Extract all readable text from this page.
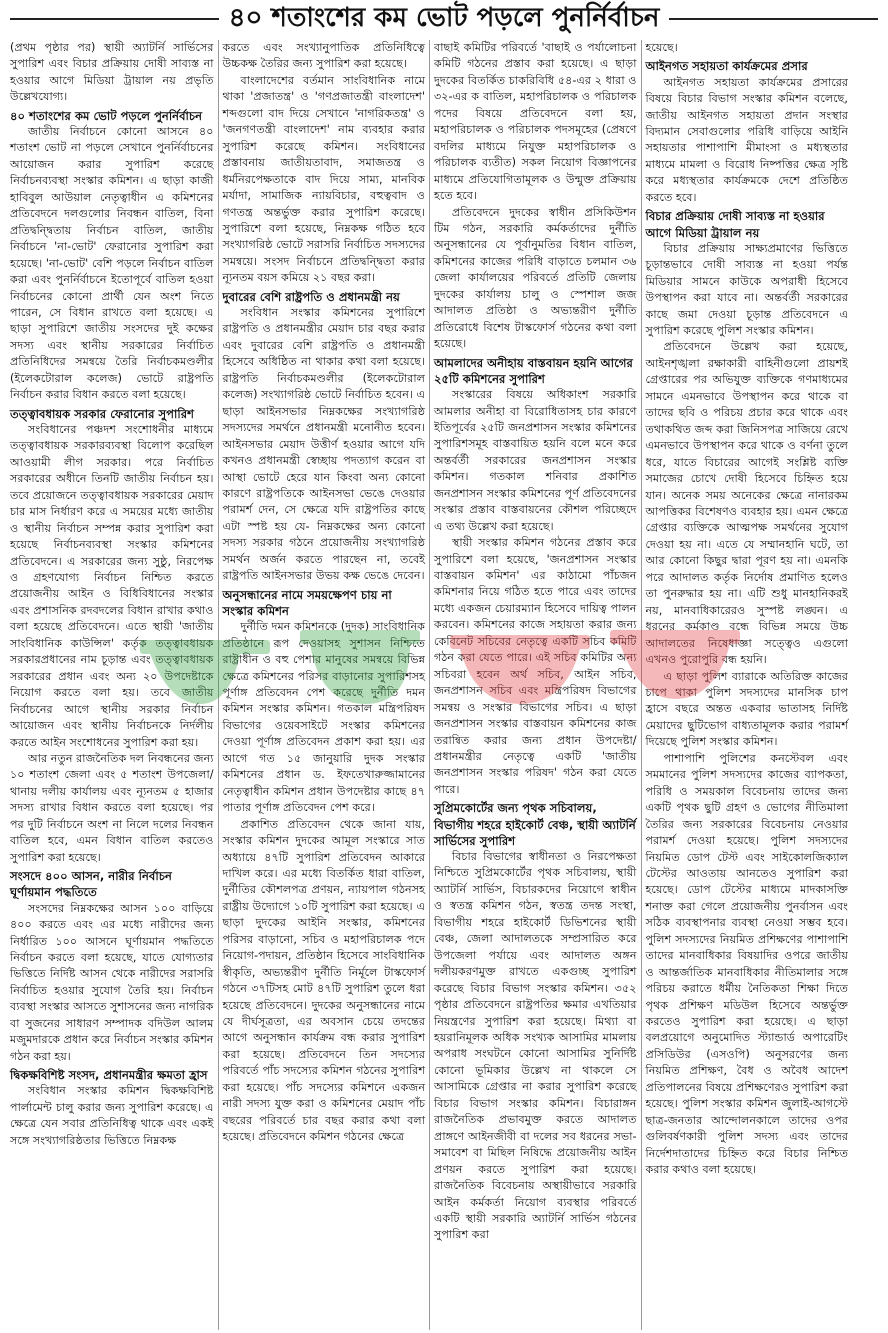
৪০ শতাংশের কম ভোট পড়লে পুনর্নির্বাচন

(প্রথম পৃষ্ঠার পর) স্থায়ী অ্যাটর্নি সার্ভিসের সুপারিশ এবং বিচার প্রক্রিয়ায় দোষী সাব্যস্ত না হওয়ার আগে মিডিয়া ট্রায়াল নয় প্রভৃতি উল্লেখযোগ্য।

৪০ শতাংশের কম ভোট পড়লে পুনর্নির্বাচন

জাতীয় নির্বাচনে কোনো আসনে ৪০ শতাংশ ভোট না পড়লে সেখানে পুনর্নির্বাচনের আয়োজন করার সুপারিশ করেছে নির্বাচনব্যবস্থা সংস্কার কমিশন। এ ছাড়া কাজী হাবিবুল আউয়াল নেতৃত্বাধীন এ কমিশনের প্রতিবেদনে দলগুলোর নিবন্ধন বাতিল, বিনা প্রতিদ্বন্দ্বিতায় নির্বাচন বাতিল, জাতীয় নির্বাচনে 'না-ভোট' ফেরানোর সুপারিশ করা হয়েছে। 'না-ভোট' বেশি পড়লে নির্বাচন বাতিল করা এবং পুনর্নির্বাচনে ইতোপূর্বে বাতিল হওয়া নির্বাচনের কোনো প্রার্থী যেন অংশ নিতে পারেন, সে বিধান রাখতে বলা হয়েছে। এ ছাড়া সুপারিশে জাতীয় সংসদের দুই কক্ষের সদস্য এবং স্থানীয় সরকারের নির্বাচিত প্রতিনিধিদের সমন্বয়ে তৈরি নির্বাচকমণ্ডলীর (ইলেকটোরাল কলেজ) ভোটে রাষ্ট্রপতি নির্বাচন করার বিধান করতে বলা হয়েছে।

তত্ত্বাবধায়ক সরকার ফেরানোর সুপারিশ

সংবিধানের পঞ্চদশ সংশোধনীর মাধ্যমে তত্ত্বাবধায়ক সরকারব্যবস্থা বিলোপ করেছিল আওয়ামী লীগ সরকার। পরে নির্বাচিত সরকারের অধীনে তিনটি জাতীয় নির্বাচন হয়। তবে প্রয়োজনে তত্ত্বাবধায়ক সরকারের মেয়াদ চার মাস নির্ধারণ করে এ সময়ের মধ্যে জাতীয় ও স্থানীয় নির্বাচন সম্পন্ন করার সুপারিশ করা হয়েছে নির্বাচনব্যবস্থা সংস্কার কমিশনের প্রতিবেদনে। এ সরকারের জন্য সুষ্ঠু, নিরপেক্ষ ও গ্রহণযোগ্য নির্বাচন নিশ্চিত করতে প্রয়োজনীয় আইন ও বিধিবিধানের সংস্কার এবং প্রশাসনিক রদবদলের বিধান রাখার কথাও বলা হয়েছে প্রতিবেদনে। এতে স্থায়ী 'জাতীয় সাংবিধানিক কাউন্সিল' কর্তৃক তত্ত্বাবধায়ক সরকারপ্রধানের নাম চূড়ান্ত এবং তত্ত্বাবধায়ক সরকারের প্রধান এবং অন্য ২০ উপদেষ্টাকে নিয়োগ করতে বলা হয়। তবে জাতীয় নির্বাচনের আগে স্থানীয় সরকার নির্বাচন আয়োজন এবং স্থানীয় নির্বাচনকে নির্দলীয় করতে আইন সংশোধনের সুপারিশ করা হয়।

আর নতুন রাজনৈতিক দল নিবন্ধনের জন্য ১০ শতাংশ জেলা এবং ৫ শতাংশ উপজেলা/থানায় দলীয় কার্যালয় এবং ন্যূনতম ৫ হাজার সদস্য রাখার বিধান করতে বলা হয়েছে। পর পর দুটি নির্বাচনে অংশ না নিলে দলের নিবন্ধন বাতিল হবে, এমন বিধান বাতিল করতেও সুপারিশ করা হয়েছে।

সংসদে ৪০০ আসন, নারীর নির্বাচন ঘূর্ণায়মান পদ্ধতিতে

সংসদের নিম্নকক্ষের আসন ১০০ বাড়িয়ে ৪০০ করতে এবং এর মধ্যে নারীদের জন্য নির্ধারিত ১০০ আসনে ঘূর্ণায়মান পদ্ধতিতে নির্বাচন করতে বলা হয়েছে, যাতে যোগ্যতার ভিত্তিতে নির্দিষ্ট আসন থেকে নারীদের সরাসরি নির্বাচিত হওয়ার সুযোগ তৈরি হয়। নির্বাচন ব্যবস্থা সংস্কার আসতে সুশাসনের জন্য নাগরিক বা সুজনের সাধারণ সম্পাদক বদিউল আলম মজুমদারকে প্রধান করে নির্বাচন সংস্কার কমিশন গঠন করা হয়।

দ্বিকক্ষবিশিষ্ট সংসদ, প্রধানমন্ত্রীর ক্ষমতা হ্রাস

সংবিধান সংস্কার কমিশন দ্বিকক্ষবিশিষ্ট পার্লামেন্ট চালু করার জন্য সুপারিশ করেছে। এ ক্ষেত্রে যেন সবার প্রতিনিধিত্ব থাকে এবং একই সঙ্গে সংখ্যাগরিষ্ঠতার ভিত্তিতে নিম্নকক্ষ

করতে এবং সংখ্যানুপাতিক প্রতিনিধিত্বে উচ্চকক্ষ তৈরির জন্য সুপারিশ করা হয়েছে।

বাংলাদেশের বর্তমান সাংবিধানিক নামে থাকা 'প্রজাতন্ত্র' ও 'গণপ্রজাতন্ত্রী বাংলাদেশ' শব্দগুলো বাদ দিয়ে সেখানে 'নাগরিকতন্ত্র' ও 'জনগণতন্ত্রী বাংলাদেশ' নাম ব্যবহার করার সুপারিশ করেছে কমিশন। সংবিধানের প্রস্তাবনায় জাতীয়তাবাদ, সমাজতন্ত্র ও ধর্মনিরপেক্ষতাকে বাদ দিয়ে সাম্য, মানবিক মর্যাদা, সামাজিক ন্যায়বিচার, বহুত্ববাদ ও গণতন্ত্র অন্তর্ভুক্ত করার সুপারিশ করেছে। সুপারিশে বলা হয়েছে, নিম্নকক্ষ গঠিত হবে সংখ্যাগরিষ্ঠ ভোটে সরাসরি নির্বাচিত সদস্যদের সমন্বয়ে। সংসদ নির্বাচনে প্রতিদ্বন্দ্বিতা করার ন্যূনতম বয়স কমিয়ে ২১ বছর করা।

দুবারের বেশি রাষ্ট্রপতি ও প্রধানমন্ত্রী নয়

সংবিধান সংস্কার কমিশনের সুপারিশে রাষ্ট্রপতি ও প্রধানমন্ত্রীর মেয়াদ চার বছর করার এবং দুবারের বেশি রাষ্ট্রপতি ও প্রধানমন্ত্রী হিসেবে অধিষ্ঠিত না থাকার কথা বলা হয়েছে। রাষ্ট্রপতি নির্বাচকমণ্ডলীর (ইলেকটোরাল কলেজ) সংখ্যাগরিষ্ঠ ভোটে নির্বাচিত হবেন। এ ছাড়া আইনসভার নিম্নকক্ষের সংখ্যাগরিষ্ঠ সদস্যদের সমর্থনে প্রধানমন্ত্রী মনোনীত হবেন। আইনসভার মেয়াদ উত্তীর্ণ হওয়ার আগে যদি কখনও প্রধানমন্ত্রী স্বেচ্ছায় পদত্যাগ করেন বা আস্থা ভোটে হেরে যান কিংবা অন্য কোনো কারণে রাষ্ট্রপতিকে আইনসভা ভেঙে দেওয়ার পরামর্শ দেন, সে ক্ষেত্রে যদি রাষ্ট্রপতির কাছে এটা স্পষ্ট হয় যে- নিম্নকক্ষের অন্য কোনো সদস্য সরকার গঠনে প্রয়োজনীয় সংখ্যাগরিষ্ঠ সমর্থন অর্জন করতে পারছেন না, তবেই রাষ্ট্রপতি আইনসভার উভয় কক্ষ ভেঙে দেবেন।

অনুসন্ধানের নামে সময়ক্ষেপণ চায় না সংস্কার কমিশন

দুর্নীতি দমন কমিশনকে (দুদক) সাংবিধানিক প্রতিষ্ঠানে রূপ দেওয়াসহ সুশাসন নিশ্চিতে রাষ্ট্রাধীন ও বহু পেশার মানুষের সমন্বয়ে বিভিন্ন ক্ষেত্রে কমিশনের পরিসর বাড়ানোর সুপারিশসহ পূর্ণাঙ্গ প্রতিবেদন পেশ করেছে দুর্নীতি দমন কমিশন সংস্কার কমিশন। গতকাল মন্ত্রিপরিষদ বিভাগের ওয়েবসাইটে সংস্কার কমিশনের দেওয়া পূর্ণাঙ্গ প্রতিবেদন প্রকাশ করা হয়। এর আগে গত ১৫ জানুয়ারি দুদক সংস্কার কমিশনের প্রধান ড. ইফতেখারুজ্জামানের নেতৃত্বাধীন কমিশন প্রধান উপদেষ্টার কাছে ৪৭ পাতার পূর্ণাঙ্গ প্রতিবেদন পেশ করে।

প্রকাশিত প্রতিবেদন থেকে জানা যায়, সংস্কার কমিশন দুদকের আমূল সংস্কারে সাত অধ্যায়ে ৪৭টি সুপারিশ প্রতিবেদন আকারে দাখিল করে। এর মধ্যে বিতর্কিত ধারা বাতিল, দুর্নীতির কৌশলপত্র প্রণয়ন, ন্যায়পাল গঠনসহ রাষ্ট্রীয় উদ্যোগে ১০টি সুপারিশ করা হয়েছে। এ ছাড়া দুদকের আইনি সংস্কার, কমিশনের পরিসর বাড়ানো, সচিব ও মহাপরিচালক পদে নিয়োগ-পদায়ন, প্রতিষ্ঠান হিসেবে সাংবিধানিক স্বীকৃতি, অভ্যন্তরীণ দুর্নীতি নির্মূলে টাস্কফোর্স গঠনে ৩৭টিসহ মোট ৪৭টি সুপারিশ তুলে ধরা হয়েছে প্রতিবেদনে। দুদকের অনুসন্ধানের নামে যে দীর্ঘসূত্রতা, এর অবসান চেয়ে তদন্তের আগে অনুসন্ধান কার্যক্রম বন্ধ করার সুপারিশ করা হয়েছে। প্রতিবেদনে তিন সদস্যের পরিবর্তে পাঁচ সদস্যের কমিশন গঠনের সুপারিশ করা হয়েছে। পাঁচ সদস্যের কমিশনে একজন নারী সদস্য যুক্ত করা ও কমিশনের মেয়াদ পাঁচ বছরের পরিবর্তে চার বছর করার কথা বলা হয়েছে। প্রতিবেদনে কমিশন গঠনের ক্ষেত্রে

বাছাই কমিটির পরিবর্তে 'বাছাই ও পর্যালোচনা কমিটি গঠনের প্রস্তাব করা হয়েছে। এ ছাড়া দুদকের বিতর্কিত চাকরিবিধি ৫৪-এর ২ ধারা ও ৩২-এর ক বাতিল, মহাপরিচালক ও পরিচালক পদের বিষয়ে প্রতিবেদনে বলা হয়, মহাপরিচালক ও পরিচালক পদসমূহের (প্রেষণে বদলির মাধ্যমে নিযুক্ত মহাপরিচালক ও পরিচালক ব্যতীত) সকল নিয়োগ বিজ্ঞাপনের মাধ্যমে প্রতিযোগিতামূলক ও উন্মুক্ত প্রক্রিয়ায় হতে হবে।

প্রতিবেদনে দুদকের স্বাধীন প্রসিকিউশন টিম গঠন, সরকারি কর্মকর্তাদের দুর্নীতি অনুসন্ধানের যে পূর্বানুমতির বিধান বাতিল, কমিশনের কাজের পরিধি বাড়াতে চলমান ৩৬ জেলা কার্যালয়ের পরিবর্তে প্রতিটি জেলায় দুদকের কার্যালয় চালু ও স্পেশাল জজ আদালত প্রতিষ্ঠা ও অভ্যন্তরীণ দুর্নীতি প্রতিরোধে বিশেষ টাস্কফোর্স গঠনের কথা বলা হয়েছে।

আমলাদের অনীহায় বাস্তবায়ন হয়নি আগের ২৫টি কমিশনের সুপারিশ

সংস্কারের বিষয়ে অধিকাংশ সরকারি আমলার অনীহা বা বিরোধিতাসহ চার কারণে ইতিপূর্বের ২৫টি জনপ্রশাসন সংস্কার কমিশনের সুপারিশসমূহ বাস্তবায়িত হয়নি বলে মনে করে অন্তর্বর্তী সরকারের জনপ্রশাসন সংস্কার কমিশন। গতকাল শনিবার প্রকাশিত জনপ্রশাসন সংস্কার কমিশনের পূর্ণ প্রতিবেদনের সংস্কার প্রস্তাব বাস্তবায়নের কৌশল পরিচ্ছেদে এ তথ্য উল্লেখ করা হয়েছে।

স্থায়ী সংস্কার কমিশন গঠনের প্রস্তাব করে সুপারিশে বলা হয়েছে, 'জনপ্রশাসন সংস্কার বাস্তবায়ন কমিশন' এর কাঠামো পাঁচজন কমিশনার নিয়ে গঠিত হতে পারে এবং তাদের মধ্যে একজন চেয়ারম্যান হিসেবে দায়িত্ব পালন করবেন। কমিশনের কাজে সহায়তা করার জন্য কেবিনেট সচিবের নেতৃত্বে একটি সচিব কমিটি গঠন করা যেতে পারে। এই সচিব কমিটির অন্য সচিবরা হবেন অর্থ সচিব, আইন সচিব, জনপ্রশাসন সচিব এবং মন্ত্রিপরিষদ বিভাগের সমন্বয় ও সংস্কার বিভাগের সচিব। এ ছাড়া জনপ্রশাসন সংস্কার বাস্তবায়ন কমিশনের কাজ তরান্বিত করার জন্য প্রধান উপদেষ্টা/প্রধানমন্ত্রীর নেতৃত্বে একটি 'জাতীয় জনপ্রশাসন সংস্কার পরিষদ' গঠন করা যেতে পারে।

সুপ্রিমকোর্টের জন্য পৃথক সচিবালয়, বিভাগীয় শহরে হাইকোর্ট বেঞ্চ, স্থায়ী অ্যাটর্নি সার্ভিসের সুপারিশ

বিচার বিভাগের স্বাধীনতা ও নিরপেক্ষতা নিশ্চিতে সুপ্রিমকোর্টের পৃথক সচিবালয়, স্থায়ী অ্যাটর্নি সার্ভিস, বিচারকদের নিয়োগে স্বাধীন ও স্বতন্ত্র কমিশন গঠন, স্বতন্ত্র তদন্ত সংস্থা, বিভাগীয় শহরে হাইকোর্ট ডিভিশনের স্থায়ী বেঞ্চ, জেলা আদালতকে সম্প্রসারিত করে উপজেলা পর্যায়ে এবং আদালত অঙ্গন দলীয়করণমুক্ত রাখতে একগুচ্ছ সুপারিশ করেছে বিচার বিভাগ সংস্কার কমিশন। ৩৫২ পৃষ্ঠার প্রতিবেদনে রাষ্ট্রপতির ক্ষমার এখতিয়ার নিয়ন্ত্রণের সুপারিশ করা হয়েছে। মিথ্যা বা হয়রানিমূলক অধিক সংখ্যক আসামির মামলায় অপরাধ সংঘটনে কোনো আসামির সুনির্দিষ্ট কোনো ভূমিকার উল্লেখ না থাকলে সে আসামিকে গ্রেপ্তার না করার সুপারিশ করেছে বিচার বিভাগ সংস্কার কমিশন। বিচারাঙ্গন রাজনৈতিক প্রভাবমুক্ত করতে আদালত প্রাঙ্গণে আইনজীবী বা দলের সব ধরনের সভা-সমাবেশ বা মিছিল নিষিদ্ধে প্রয়োজনীয় আইন প্রণয়ন করতে সুপারিশ করা হয়েছে। রাজনৈতিক বিবেচনায় অস্থায়ীভাবে সরকারি আইন কর্মকর্তা নিয়োগ ব্যবস্থার পরিবর্তে একটি স্থায়ী সরকারি অ্যাটর্নি সার্ভিস গঠনের সুপারিশ করা

হয়েছে।

আইনগত সহায়তা কার্যক্রমের প্রসার

আইনগত সহায়তা কার্যক্রমের প্রসারের বিষয়ে বিচার বিভাগ সংস্কার কমিশন বলেছে, জাতীয় আইনগত সহায়তা প্রদান সংস্থার বিদ্যমান সেবাগুলোর পরিধি বাড়িয়ে আইনি সহায়তার পাশাপাশি মীমাংসা ও মধ্যস্থতার মাধ্যমে মামলা ও বিরোধ নিষ্পত্তির ক্ষেত্র সৃষ্টি করে মধ্যস্থতার কার্যক্রমকে দেশে প্রতিষ্ঠিত করতে হবে।

বিচার প্রক্রিয়ায় দোষী সাব্যস্ত না হওয়ার আগে মিডিয়া ট্রায়াল নয়

বিচার প্রক্রিয়ায় সাক্ষ্যপ্রমাণের ভিত্তিতে চূড়ান্তভাবে দোষী সাব্যস্ত না হওয়া পর্যন্ত মিডিয়ার সামনে কাউকে অপরাধী হিসেবে উপস্থাপন করা যাবে না। অন্তর্বর্তী সরকারের কাছে জমা দেওয়া চূড়ান্ত প্রতিবেদনে এ সুপারিশ করেছে পুলিশ সংস্কার কমিশন।

প্রতিবেদনে উল্লেখ করা হয়েছে, আইনশৃঙ্খলা রক্ষাকারী বাহিনীগুলো প্রায়শই গ্রেপ্তারের পর অভিযুক্ত ব্যক্তিকে গণমাধ্যমের সামনে এমনভাবে উপস্থাপন করে থাকে বা তাদের ছবি ও পরিচয় প্রচার করে থাকে এবং তথাকথিত জব্দ করা জিনিসপত্র সাজিয়ে রেখে এমনভাবে উপস্থাপন করে থাকে ও বর্ণনা তুলে ধরে, যাতে বিচারের আগেই সংশ্লিষ্ট ব্যক্তি সমাজের চোখে দোষী হিসেবে চিহ্নিত হয়ে যান। অনেক সময় অনেকের ক্ষেত্রে নানারকম আপত্তিকর বিশেষণও ব্যবহার হয়। এমন ক্ষেত্রে গ্রেপ্তার ব্যক্তিকে আত্মপক্ষ সমর্থনের সুযোগ দেওয়া হয় না। এতে যে সম্মানহানি ঘটে, তা আর কোনো কিছুর দ্বারা পূরণ হয় না। এমনকি পরে আদালত কর্তৃক নির্দোষ প্রমাণিত হলেও তা পুনরুদ্ধার হয় না। এটি শুধু মানহানিকরই নয়, মানবাধিকারেরও সুস্পষ্ট লঙ্ঘন। এ ধরনের কর্মকাণ্ড বন্ধে বিভিন্ন সময়ে উচ্চ আদালতের নিষেধাজ্ঞা সত্ত্বেও এগুলো এখনও পুরোপুরি বন্ধ হয়নি।

এ ছাড়া পুলিশ ব্যারাকে অতিরিক্ত কাজের চাপে থাকা পুলিশ সদস্যদের মানসিক চাপ হ্রাসে বছরে অন্তত একবার ভাতাসহ নির্দিষ্ট মেয়াদের ছুটিভোগ বাধ্যতামূলক করার পরামর্শ দিয়েছে পুলিশ সংস্কার কমিশন।

পাশাপাশি পুলিশের কনস্টেবল এবং সমমানের পুলিশ সদস্যদের কাজের ব্যাপকতা, পরিধি ও সময়কাল বিবেচনায় তাদের জন্য একটি পৃথক ছুটি গ্রহণ ও ভোগের নীতিমালা তৈরির জন্য সরকারের বিবেচনায় নেওয়ার পরামর্শ দেওয়া হয়েছে। পুলিশ সদস্যদের নিয়মিত ডোপ টেস্ট এবং সাইকোলজিক্যাল টেস্টের আওতায় আনতেও সুপারিশ করা হয়েছে। ডোপ টেস্টের মাধ্যমে মাদকাসক্তি শনাক্ত করা গেলে প্রয়োজনীয় পুনর্বাসন এবং সঠিক ব্যবস্থাপনার ব্যবস্থা নেওয়া সম্ভব হবে। পুলিশ সদস্যদের নিয়মিত প্রশিক্ষণের পাশাপাশি তাদের মানবাধিকার বিষয়াদির ওপরে জাতীয় ও আন্তর্জাতিক মানবাধিকার নীতিমালার সঙ্গে পরিচয় করাতে ধর্মীয় নৈতিকতা শিক্ষা দিতে পৃথক প্রশিক্ষণ মডিউল হিসেবে অন্তর্ভুক্ত করতেও সুপারিশ করা হয়েছে। এ ছাড়া বলপ্রয়োগে অনুমোদিত স্ট্যান্ডার্ড অপারেটিং প্রসিডিউর (এসওপি) অনুসরণের জন্য নিয়মিত প্রশিক্ষণ, বৈধ ও অবৈধ আদেশ প্রতিপালনের বিষয়ে প্রশিক্ষণেরও সুপারিশ করা হয়েছে। পুলিশ সংস্কার কমিশন জুলাই-আগস্টে ছাত্র-জনতার আন্দোলনকালে তাদের ওপর গুলিবর্ষণকারী পুলিশ সদস্য এবং তাদের নির্দেশদাতাদের চিহ্নিত করে বিচার নিশ্চিত করার কথাও বলা হয়েছে।
